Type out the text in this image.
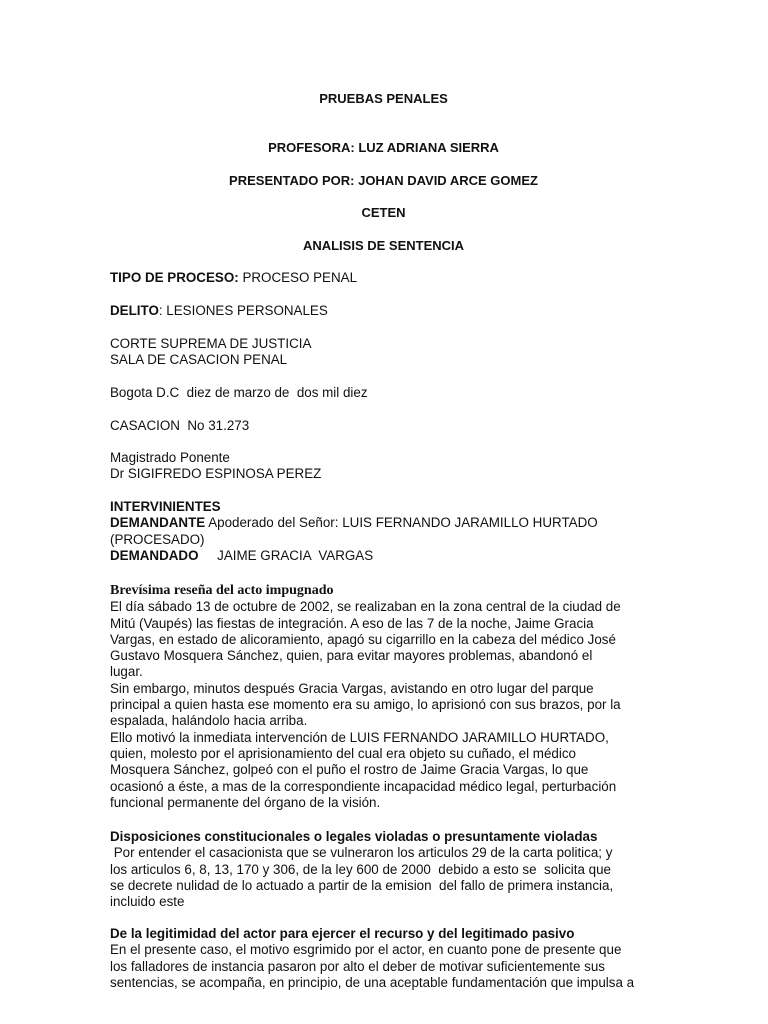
PRUEBAS PENALES
PROFESORA: LUZ ADRIANA SIERRA
PRESENTADO POR: JOHAN DAVID ARCE GOMEZ
CETEN
ANALISIS DE SENTENCIA
TIPO DE PROCESO: PROCESO PENAL
DELITO: LESIONES PERSONALES
CORTE SUPREMA DE JUSTICIA
SALA DE CASACION PENAL
Bogota D.C  diez de marzo de  dos mil diez
CASACION  No 31.273
Magistrado Ponente
Dr SIGIFREDO ESPINOSA PEREZ
INTERVINIENTES
DEMANDANTE Apoderado del Señor: LUIS FERNANDO JARAMILLO HURTADO
(PROCESADO)
DEMANDADO JAIME GRACIA  VARGAS
Brevísima reseña del acto impugnado
El día sábado 13 de octubre de 2002, se realizaban en la zona central de la ciudad de
Mitú (Vaupés) las fiestas de integración. A eso de las 7 de la noche, Jaime Gracia
Vargas, en estado de alicoramiento, apagó su cigarrillo en la cabeza del médico José
Gustavo Mosquera Sánchez, quien, para evitar mayores problemas, abandonó el
lugar.
Sin embargo, minutos después Gracia Vargas, avistando en otro lugar del parque
principal a quien hasta ese momento era su amigo, lo aprisionó con sus brazos, por la
espalada, halándolo hacia arriba.
Ello motivó la inmediata intervención de LUIS FERNANDO JARAMILLO HURTADO,
quien, molesto por el aprisionamiento del cual era objeto su cuñado, el médico
Mosquera Sánchez, golpeó con el puño el rostro de Jaime Gracia Vargas, lo que
ocasionó a éste, a mas de la correspondiente incapacidad médico legal, perturbación
funcional permanente del órgano de la visión.
Disposiciones constitucionales o legales violadas o presuntamente violadas
Por entender el casacionista que se vulneraron los articulos 29 de la carta politica; y
los articulos 6, 8, 13, 170 y 306, de la ley 600 de 2000  debido a esto se  solicita que
se decrete nulidad de lo actuado a partir de la emision  del fallo de primera instancia,
incluido este
De la legitimidad del actor para ejercer el recurso y del legitimado pasivo
En el presente caso, el motivo esgrimido por el actor, en cuanto pone de presente que
los falladores de instancia pasaron por alto el deber de motivar suficientemente sus
sentencias, se acompaña, en principio, de una aceptable fundamentación que impulsa a
